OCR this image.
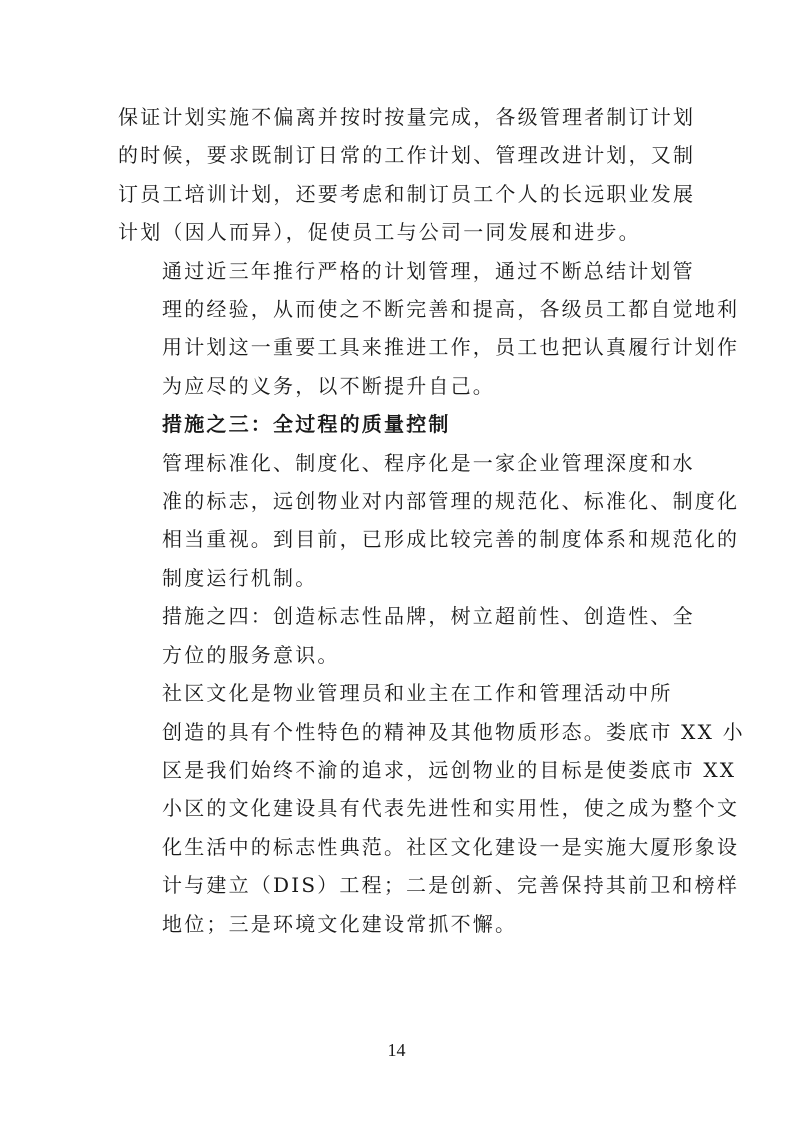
保证计划实施不偏离并按时按量完成，各级管理者制订计划
的时候，要求既制订日常的工作计划、管理改进计划，又制
订员工培训计划，还要考虑和制订员工个人的长远职业发展
计划（因人而异），促使员工与公司一同发展和进步。

通过近三年推行严格的计划管理，通过不断总结计划管
理的经验，从而使之不断完善和提高，各级员工都自觉地利
用计划这一重要工具来推进工作，员工也把认真履行计划作
为应尽的义务，以不断提升自己。

措施之三：全过程的质量控制

管理标准化、制度化、程序化是一家企业管理深度和水
准的标志，远创物业对内部管理的规范化、标准化、制度化
相当重视。到目前，已形成比较完善的制度体系和规范化的
制度运行机制。

措施之四：创造标志性品牌，树立超前性、创造性、全
方位的服务意识。

社区文化是物业管理员和业主在工作和管理活动中所
创造的具有个性特色的精神及其他物质形态。娄底市 XX 小
区是我们始终不渝的追求，远创物业的目标是使娄底市 XX
小区的文化建设具有代表先进性和实用性，使之成为整个文
化生活中的标志性典范。社区文化建设一是实施大厦形象设
计与建立（DIS）工程；二是创新、完善保持其前卫和榜样
地位；三是环境文化建设常抓不懈。

14
